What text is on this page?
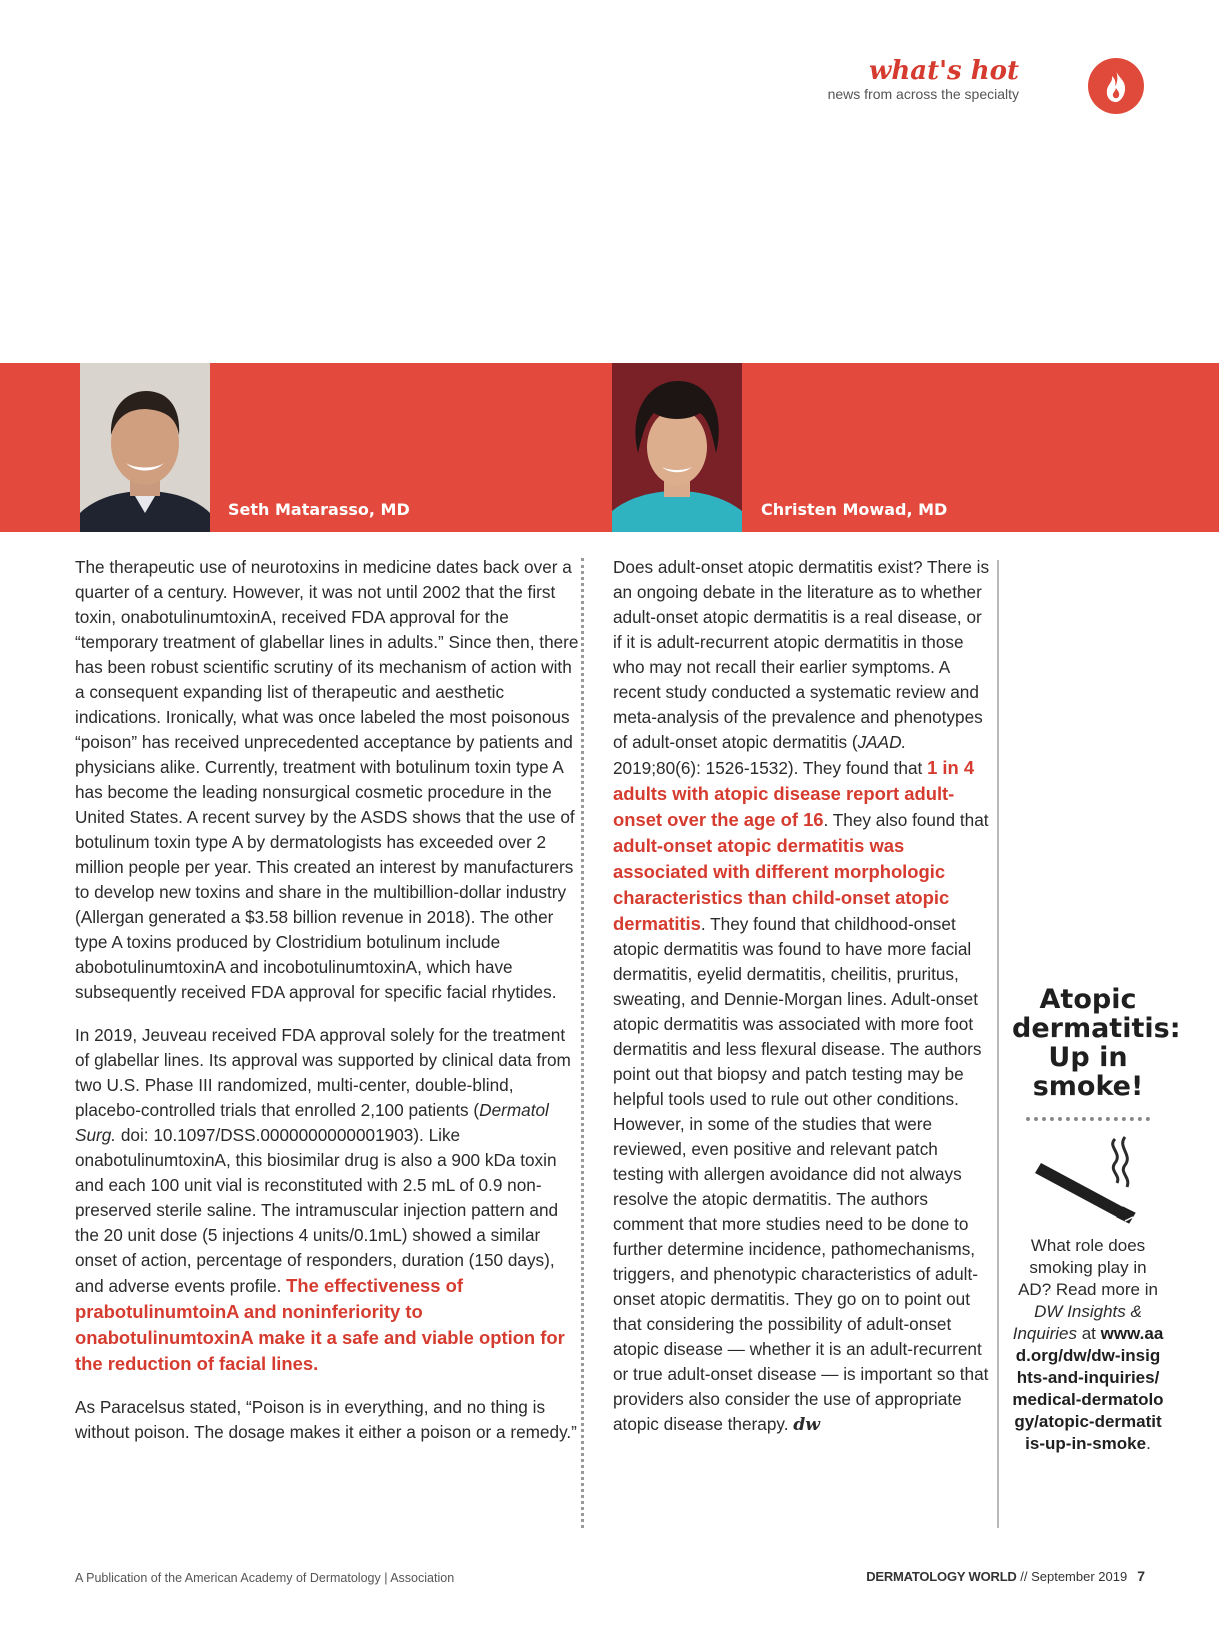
what's hot
news from across the specialty
Seth Matarasso, MD	Christen Mowad, MD

The therapeutic use of neurotoxins in medicine dates back over a quarter of a century. However, it was not until 2002 that the first toxin, onabotulinumtoxinA, received FDA approval for the “temporary treatment of glabellar lines in adults.” Since then, there has been robust scientific scrutiny of its mechanism of action with a consequent expanding list of therapeutic and aesthetic indications. Ironically, what was once labeled the most poisonous “poison” has received unprecedented acceptance by patients and physicians alike. Currently, treatment with botulinum toxin type A has become the leading nonsurgical cosmetic procedure in the United States. A recent survey by the ASDS shows that the use of botulinum toxin type A by dermatologists has exceeded over 2 million people per year. This created an interest by manufacturers to develop new toxins and share in the multibillion-dollar industry (Allergan generated a $3.58 billion revenue in 2018). The other type A toxins produced by Clostridium botulinum include abobotulinumtoxinA and incobotulinumtoxinA, which have subsequently received FDA approval for specific facial rhytides.

In 2019, Jeuveau received FDA approval solely for the treatment of glabellar lines. Its approval was supported by clinical data from two U.S. Phase III randomized, multi-center, double-blind, placebo-controlled trials that enrolled 2,100 patients (Dermatol Surg. doi: 10.1097/DSS.0000000000001903). Like onabotulinumtoxinA, this biosimilar drug is also a 900 kDa toxin and each 100 unit vial is reconstituted with 2.5 mL of 0.9 non-preserved sterile saline. The intramuscular injection pattern and the 20 unit dose (5 injections 4 units/0.1mL) showed a similar onset of action, percentage of responders, duration (150 days), and adverse events profile. The effectiveness of prabotulinumtoinA and noninferiority to onabotulinumtoxinA make it a safe and viable option for the reduction of facial lines.

As Paracelsus stated, “Poison is in everything, and no thing is without poison. The dosage makes it either a poison or a remedy.”

Does adult-onset atopic dermatitis exist? There is an ongoing debate in the literature as to whether adult-onset atopic dermatitis is a real disease, or if it is adult-recurrent atopic dermatitis in those who may not recall their earlier symptoms. A recent study conducted a systematic review and meta-analysis of the prevalence and phenotypes of adult-onset atopic dermatitis (JAAD. 2019;80(6): 1526-1532). They found that 1 in 4 adults with atopic disease report adult-onset over the age of 16. They also found that adult-onset atopic dermatitis was associated with different morphologic characteristics than child-onset atopic dermatitis. They found that childhood-onset atopic dermatitis was found to have more facial dermatitis, eyelid dermatitis, cheilitis, pruritus, sweating, and Dennie-Morgan lines. Adult-onset atopic dermatitis was associated with more foot dermatitis and less flexural disease. The authors point out that biopsy and patch testing may be helpful tools used to rule out other conditions. However, in some of the studies that were reviewed, even positive and relevant patch testing with allergen avoidance did not always resolve the atopic dermatitis. The authors comment that more studies need to be done to further determine incidence, pathomechanisms, triggers, and phenotypic characteristics of adult-onset atopic dermatitis. They go on to point out that considering the possibility of adult-onset atopic disease — whether it is an adult-recurrent or true adult-onset disease — is important so that providers also consider the use of appropriate atopic disease therapy. dw

Atopic dermatitis: Up in smoke!
What role does smoking play in AD? Read more in DW Insights & Inquiries at www.aad.org/dw/dw-insights-and-inquiries/medical-dermatology/atopic-dermatitis-up-in-smoke.
A Publication of the American Academy of Dermatology | Association	DERMATOLOGY WORLD // September 2019 7
